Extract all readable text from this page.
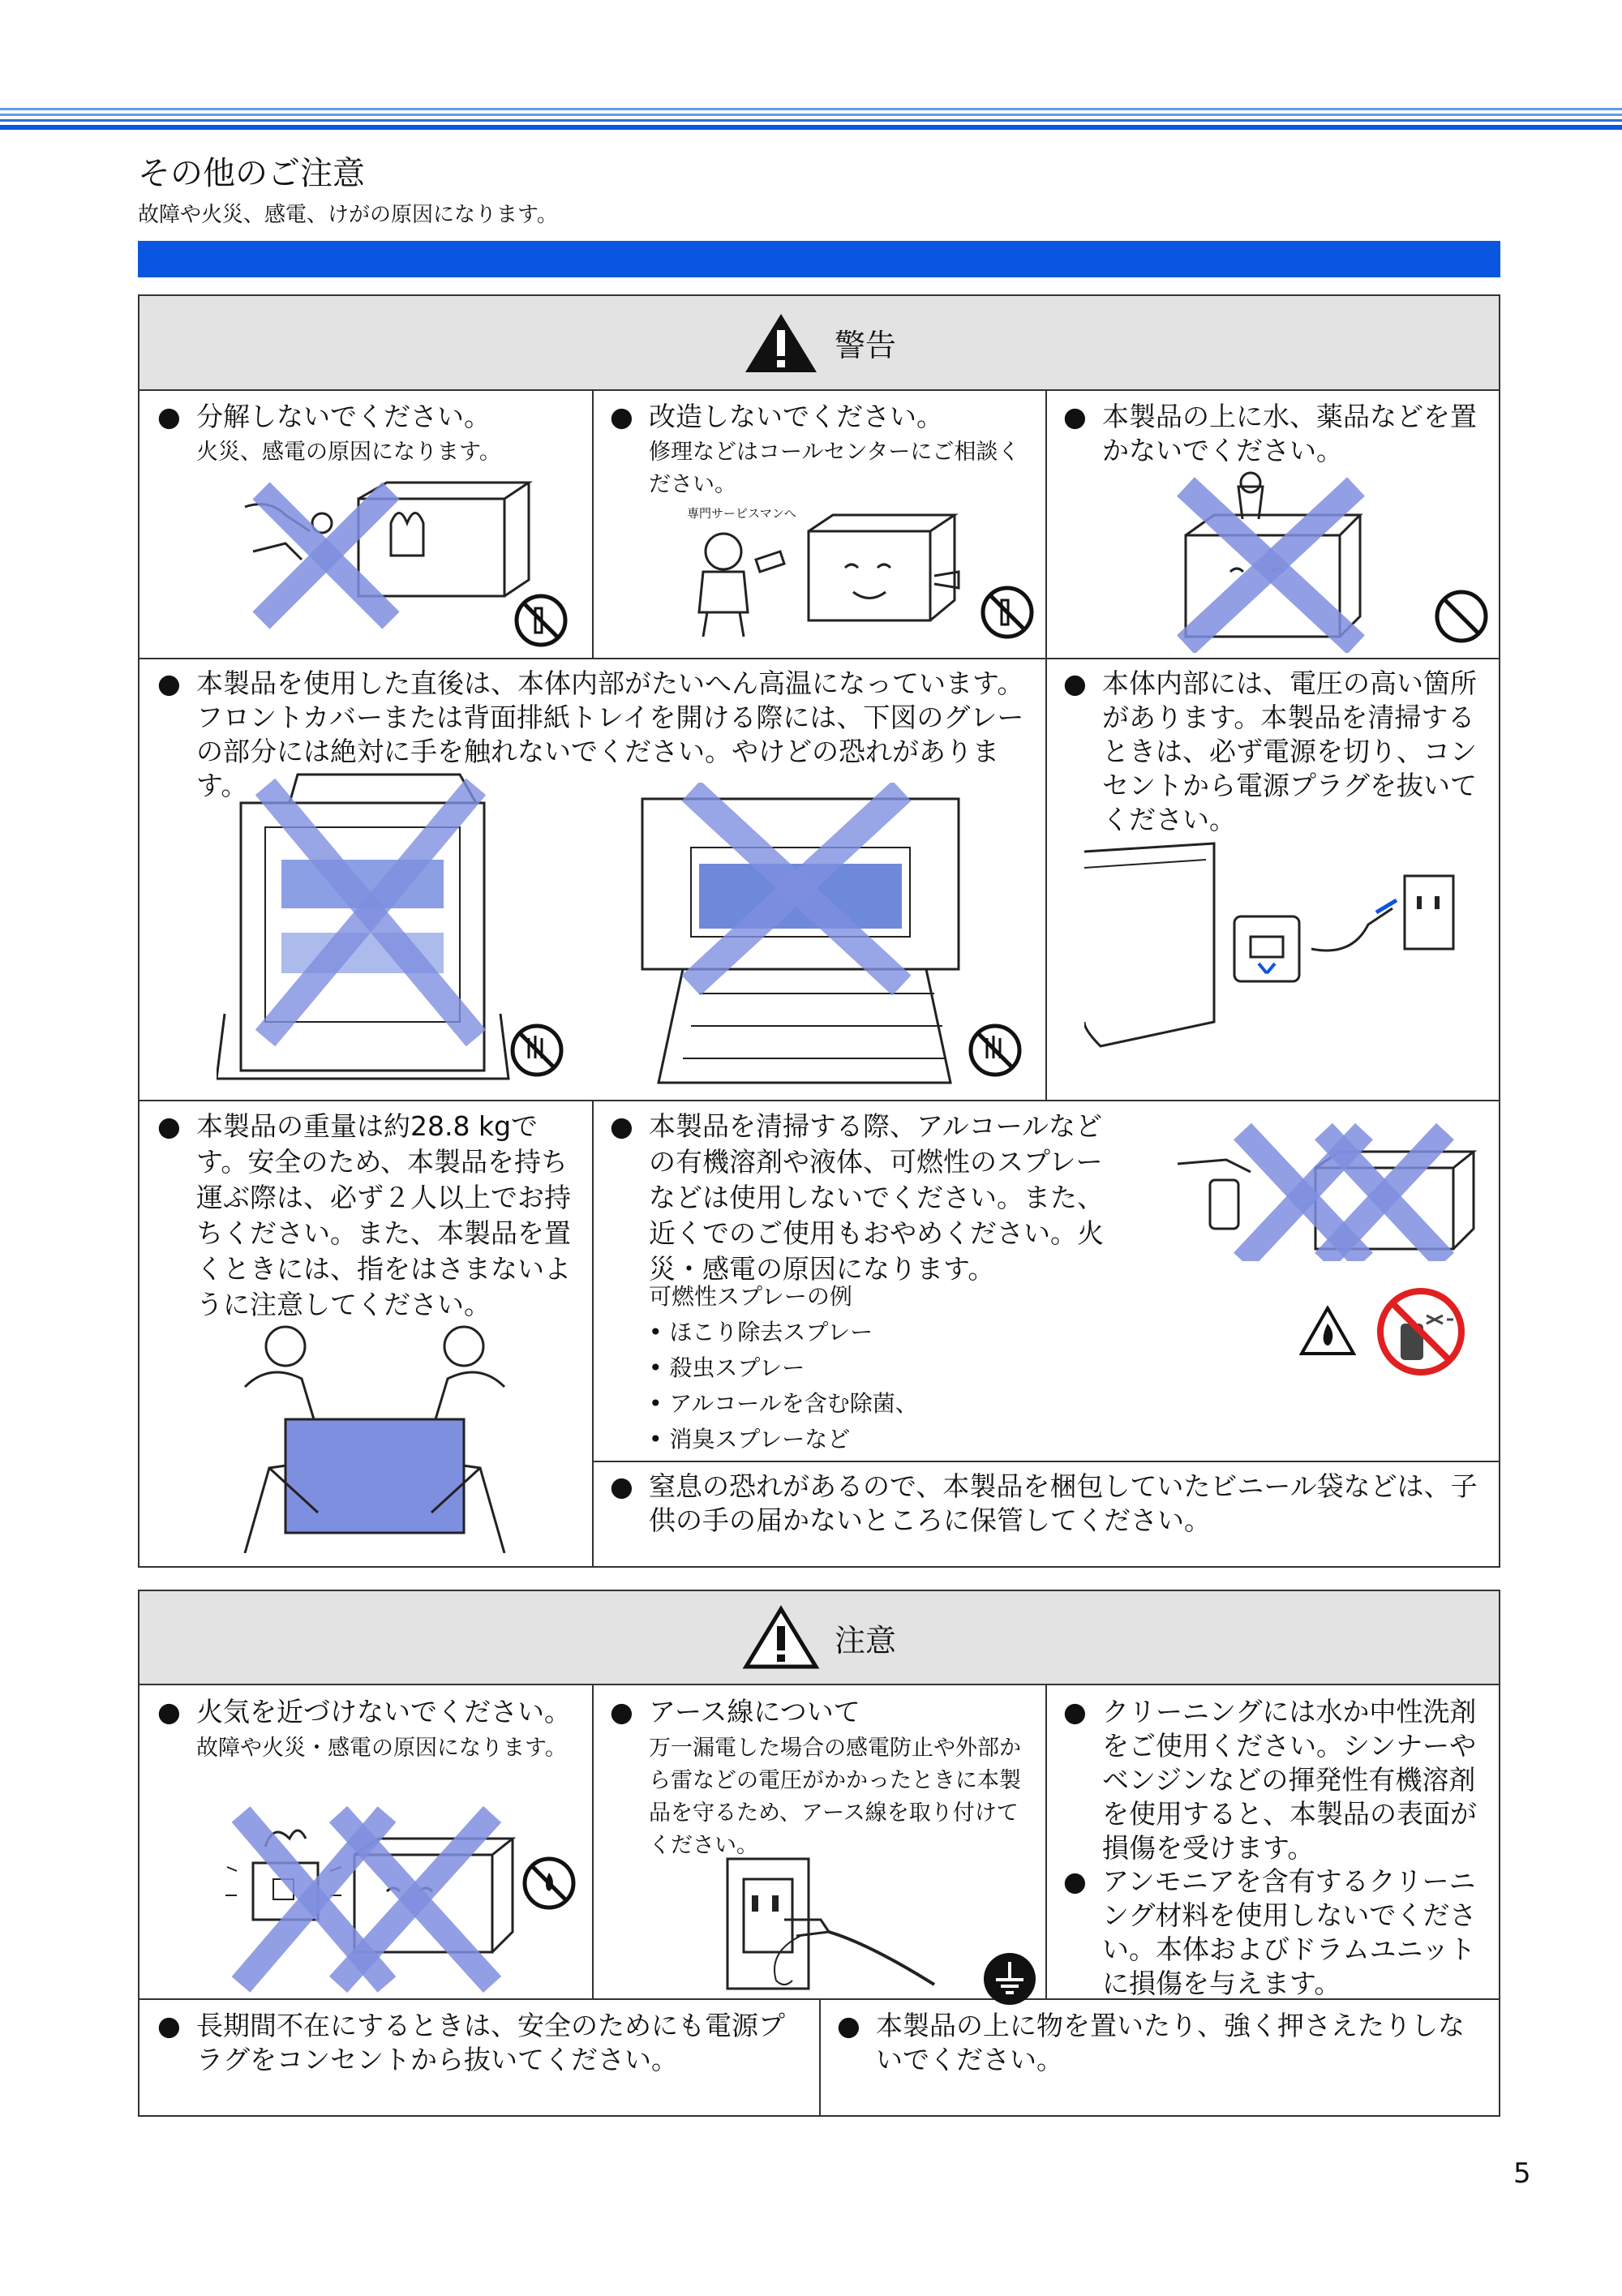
その他のご注意
故障や火災、感電、けがの原因になります。
警告
● 分解しないでください。
火災、感電の原因になります。
● 改造しないでください。
修理などはコールセンターにご相談ください。
専門サービスマンへ
● 本製品の上に水、薬品などを置かないでください。
● 本製品を使用した直後は、本体内部がたいへん高温になっています。フロントカバーまたは背面排紙トレイを開ける際には、下図のグレーの部分には絶対に手を触れないでください。やけどの恐れがあります。
● 本体内部には、電圧の高い箇所があります。本製品を清掃するときは、必ず電源を切り、コンセントから電源プラグを抜いてください。
● 本製品の重量は約28.8 kgです。安全のため、本製品を持ち運ぶ際は、必ず２人以上でお持ちください。また、本製品を置くときには、指をはさまないように注意してください。
● 本製品を清掃する際、アルコールなどの有機溶剤や液体、可燃性のスプレーなどは使用しないでください。また、近くでのご使用もおやめください。火災・感電の原因になります。
可燃性スプレーの例
• ほこり除去スプレー
• 殺虫スプレー
• アルコールを含む除菌、
• 消臭スプレーなど
● 窒息の恐れがあるので、本製品を梱包していたビニール袋などは、子供の手の届かないところに保管してください。
注意
● 火気を近づけないでください。
故障や火災・感電の原因になります。
● アース線について
万一漏電した場合の感電防止や外部から雷などの電圧がかかったときに本製品を守るため、アース線を取り付けてください。
● クリーニングには水か中性洗剤をご使用ください。シンナーやベンジンなどの揮発性有機溶剤を使用すると、本製品の表面が損傷を受けます。
● アンモニアを含有するクリーニング材料を使用しないでください。本体およびドラムユニットに損傷を与えます。
● 長期間不在にするときは、安全のためにも電源プラグをコンセントから抜いてください。
● 本製品の上に物を置いたり、強く押さえたりしないでください。
5
